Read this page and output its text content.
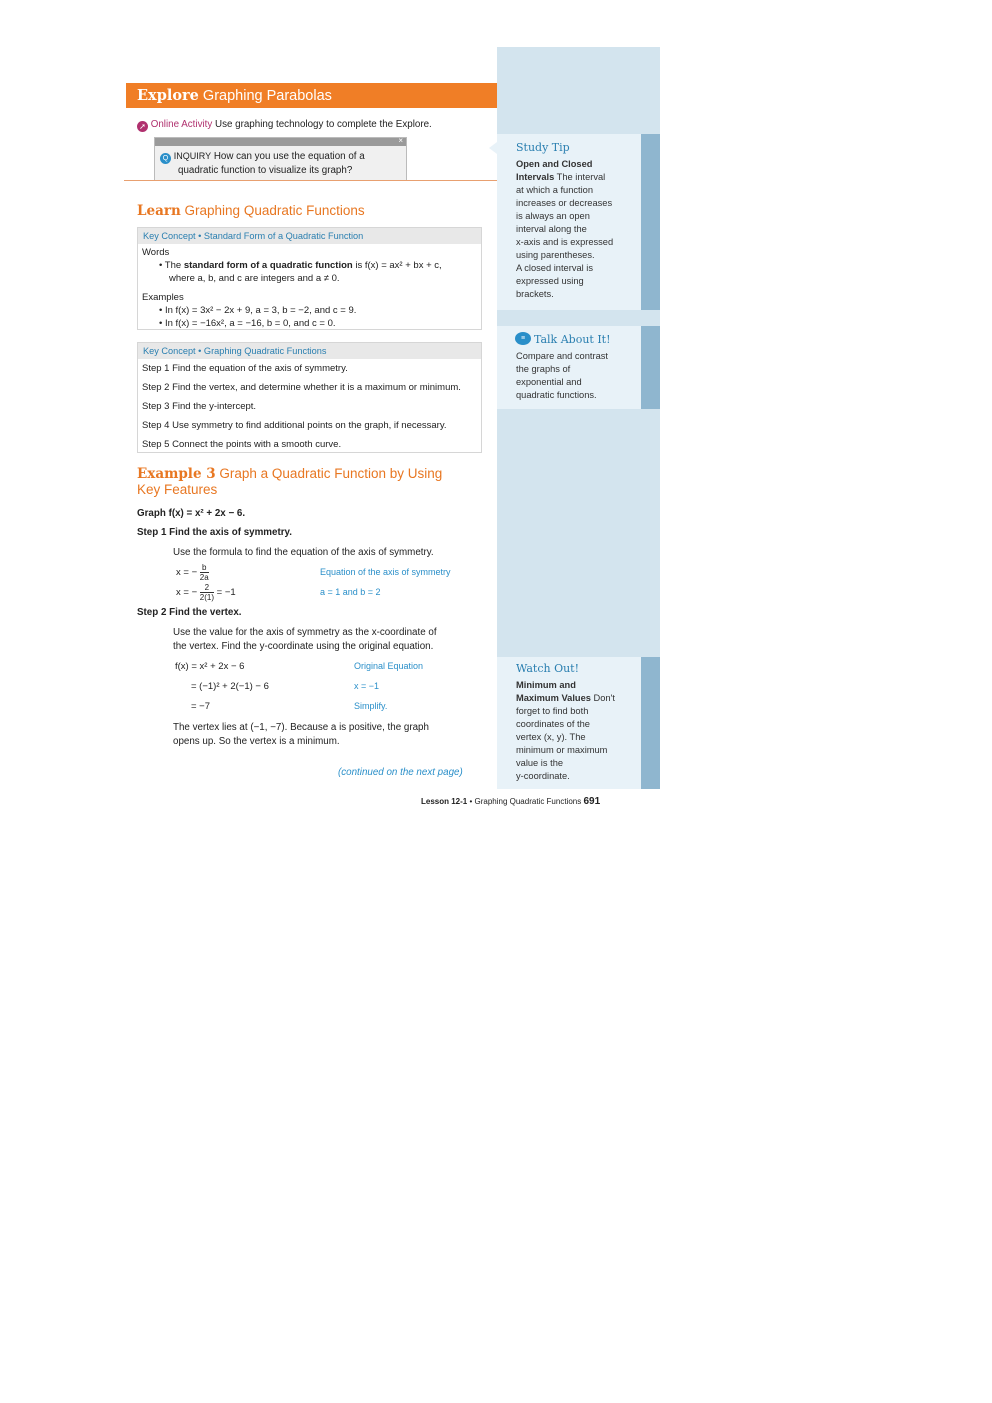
Explore Graphing Parabolas
➚ Online Activity Use graphing technology to complete the Explore.
×
Q INQUIRY How can you use the equation of a
quadratic function to visualize its graph?
Learn Graphing Quadratic Functions
Key Concept • Standard Form of a Quadratic Function
Words
• The standard form of a quadratic function is f(x) = ax² + bx + c,
where a, b, and c are integers and a ≠ 0.
Examples
• In f(x) = 3x² − 2x + 9, a = 3, b = −2, and c = 9.
• In f(x) = −16x², a = −16, b = 0, and c = 0.
Key Concept • Graphing Quadratic Functions
Step 1 Find the equation of the axis of symmetry.
Step 2 Find the vertex, and determine whether it is a maximum or minimum.
Step 3 Find the y-intercept.
Step 4 Use symmetry to find additional points on the graph, if necessary.
Step 5 Connect the points with a smooth curve.
Example 3 Graph a Quadratic Function by Using
Key Features
Graph f(x) = x² + 2x − 6.
Step 1 Find the axis of symmetry.
Use the formula to find the equation of the axis of symmetry.
x = − $\frac{b}{2a}$	Equation of the axis of symmetry
x = − $\frac{2}{2(1)} = -1$	a = 1 and b = 2
Step 2 Find the vertex.
Use the value for the axis of symmetry as the x-coordinate of
the vertex. Find the y-coordinate using the original equation.
f(x) = x² + 2x − 6	Original Equation
= (−1)² + 2(−1) − 6	x = −1
= −7	Simplify.
The vertex lies at (−1, −7). Because a is positive, the graph
opens up. So the vertex is a minimum.
(continued on the next page)
Study Tip
Open and Closed
Intervals The interval
at which a function
increases or decreases
is always an open
interval along the
x-axis and is expressed
using parentheses.
A closed interval is
expressed using
brackets.
≡ Talk About It!
Compare and contrast
the graphs of
exponential and
quadratic functions.
Watch Out!
Minimum and
Maximum Values Don't
forget to find both
coordinates of the
vertex (x, y). The
minimum or maximum
value is the
y-coordinate.
Lesson 12-1 • Graphing Quadratic Functions 691
